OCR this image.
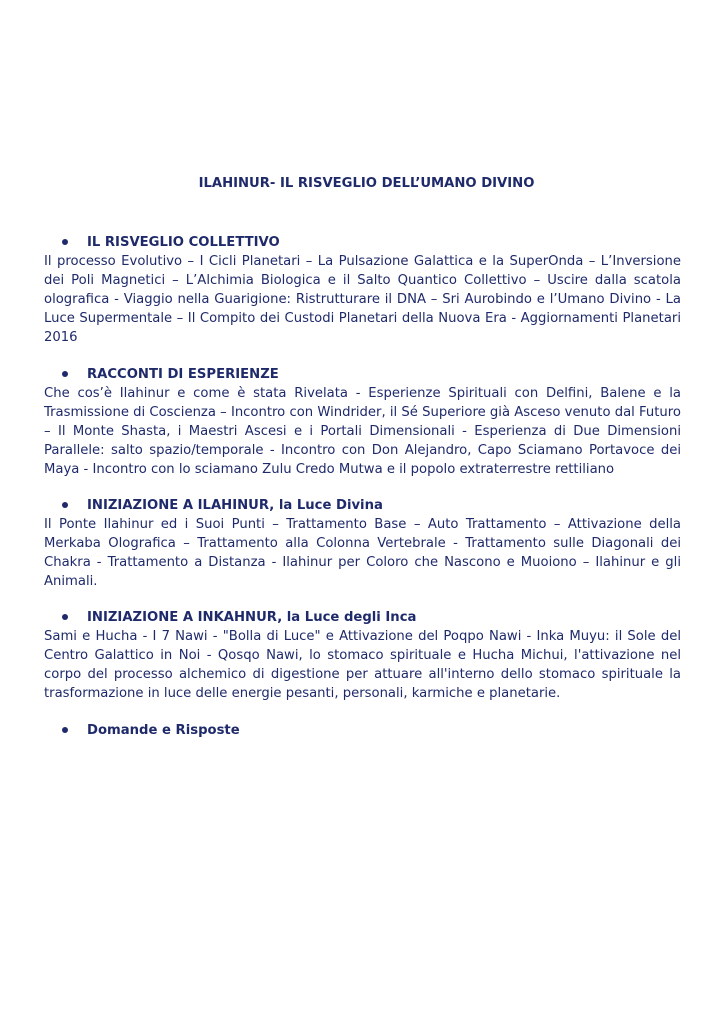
ILAHINUR- IL RISVEGLIO DELL’UMANO DIVINO
IL RISVEGLIO COLLETTIVO

Il processo Evolutivo – I Cicli Planetari – La Pulsazione Galattica e la SuperOnda – L’Inversione dei Poli Magnetici – L’Alchimia Biologica e il Salto Quantico Collettivo – Uscire dalla scatola olografica - Viaggio nella Guarigione: Ristrutturare il DNA – Sri Aurobindo e l’Umano Divino - La Luce Supermentale – Il Compito dei Custodi Planetari della Nuova Era - Aggiornamenti Planetari 2016

RACCONTI DI ESPERIENZE

Che cos’è Ilahinur e come è stata Rivelata - Esperienze Spirituali con Delfini, Balene e la Trasmissione di Coscienza – Incontro con Windrider, il Sé Superiore già Asceso venuto dal Futuro – Il Monte Shasta, i Maestri Ascesi e i Portali Dimensionali - Esperienza di Due Dimensioni Parallele: salto spazio/temporale - Incontro con Don Alejandro, Capo Sciamano Portavoce dei Maya - Incontro con lo sciamano Zulu Credo Mutwa e il popolo extraterrestre rettiliano

INIZIAZIONE A ILAHINUR, la Luce Divina

Il Ponte Ilahinur ed i Suoi Punti – Trattamento Base – Auto Trattamento – Attivazione della Merkaba Olografica – Trattamento alla Colonna Vertebrale - Trattamento sulle Diagonali dei Chakra - Trattamento a Distanza - Ilahinur per Coloro che Nascono e Muoiono – Ilahinur e gli Animali.

INIZIAZIONE A INKAHNUR, la Luce degli Inca

Sami e Hucha - I 7 Nawi - "Bolla di Luce" e Attivazione del Poqpo Nawi - Inka Muyu: il Sole del Centro Galattico in Noi - Qosqo Nawi, lo stomaco spirituale e Hucha Michui, l'attivazione nel corpo del processo alchemico di digestione per attuare all'interno dello stomaco spirituale la trasformazione in luce delle energie pesanti, personali, karmiche e planetarie.

Domande e Risposte
